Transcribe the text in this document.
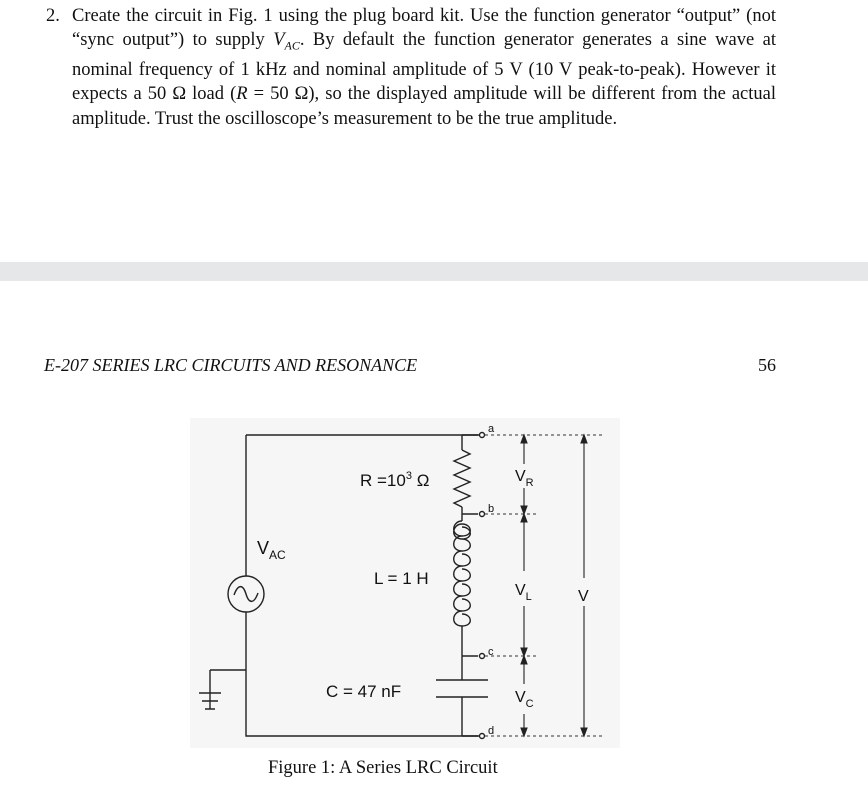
2. Create the circuit in Fig. 1 using the plug board kit. Use the function generator “output” (not “sync output”) to supply $V_{AC}$. By default the function generator generates a sine wave at nominal frequency of 1 kHz and nominal amplitude of 5 V (10 V peak-to-peak). However it expects a 50 Ω load (R = 50 Ω), so the displayed amplitude will be different from the actual amplitude. Trust the oscilloscope’s measurement to be the true amplitude.
E-207 SERIES LRC CIRCUITS AND RESONANCE	56
$V_{AC}$
$R =10^3$ Ω
L = 1 H
C = 47 nF
a
b
c
d
$V_R$
$V_L$
$V_C$
V
Figure 1: A Series LRC Circuit
